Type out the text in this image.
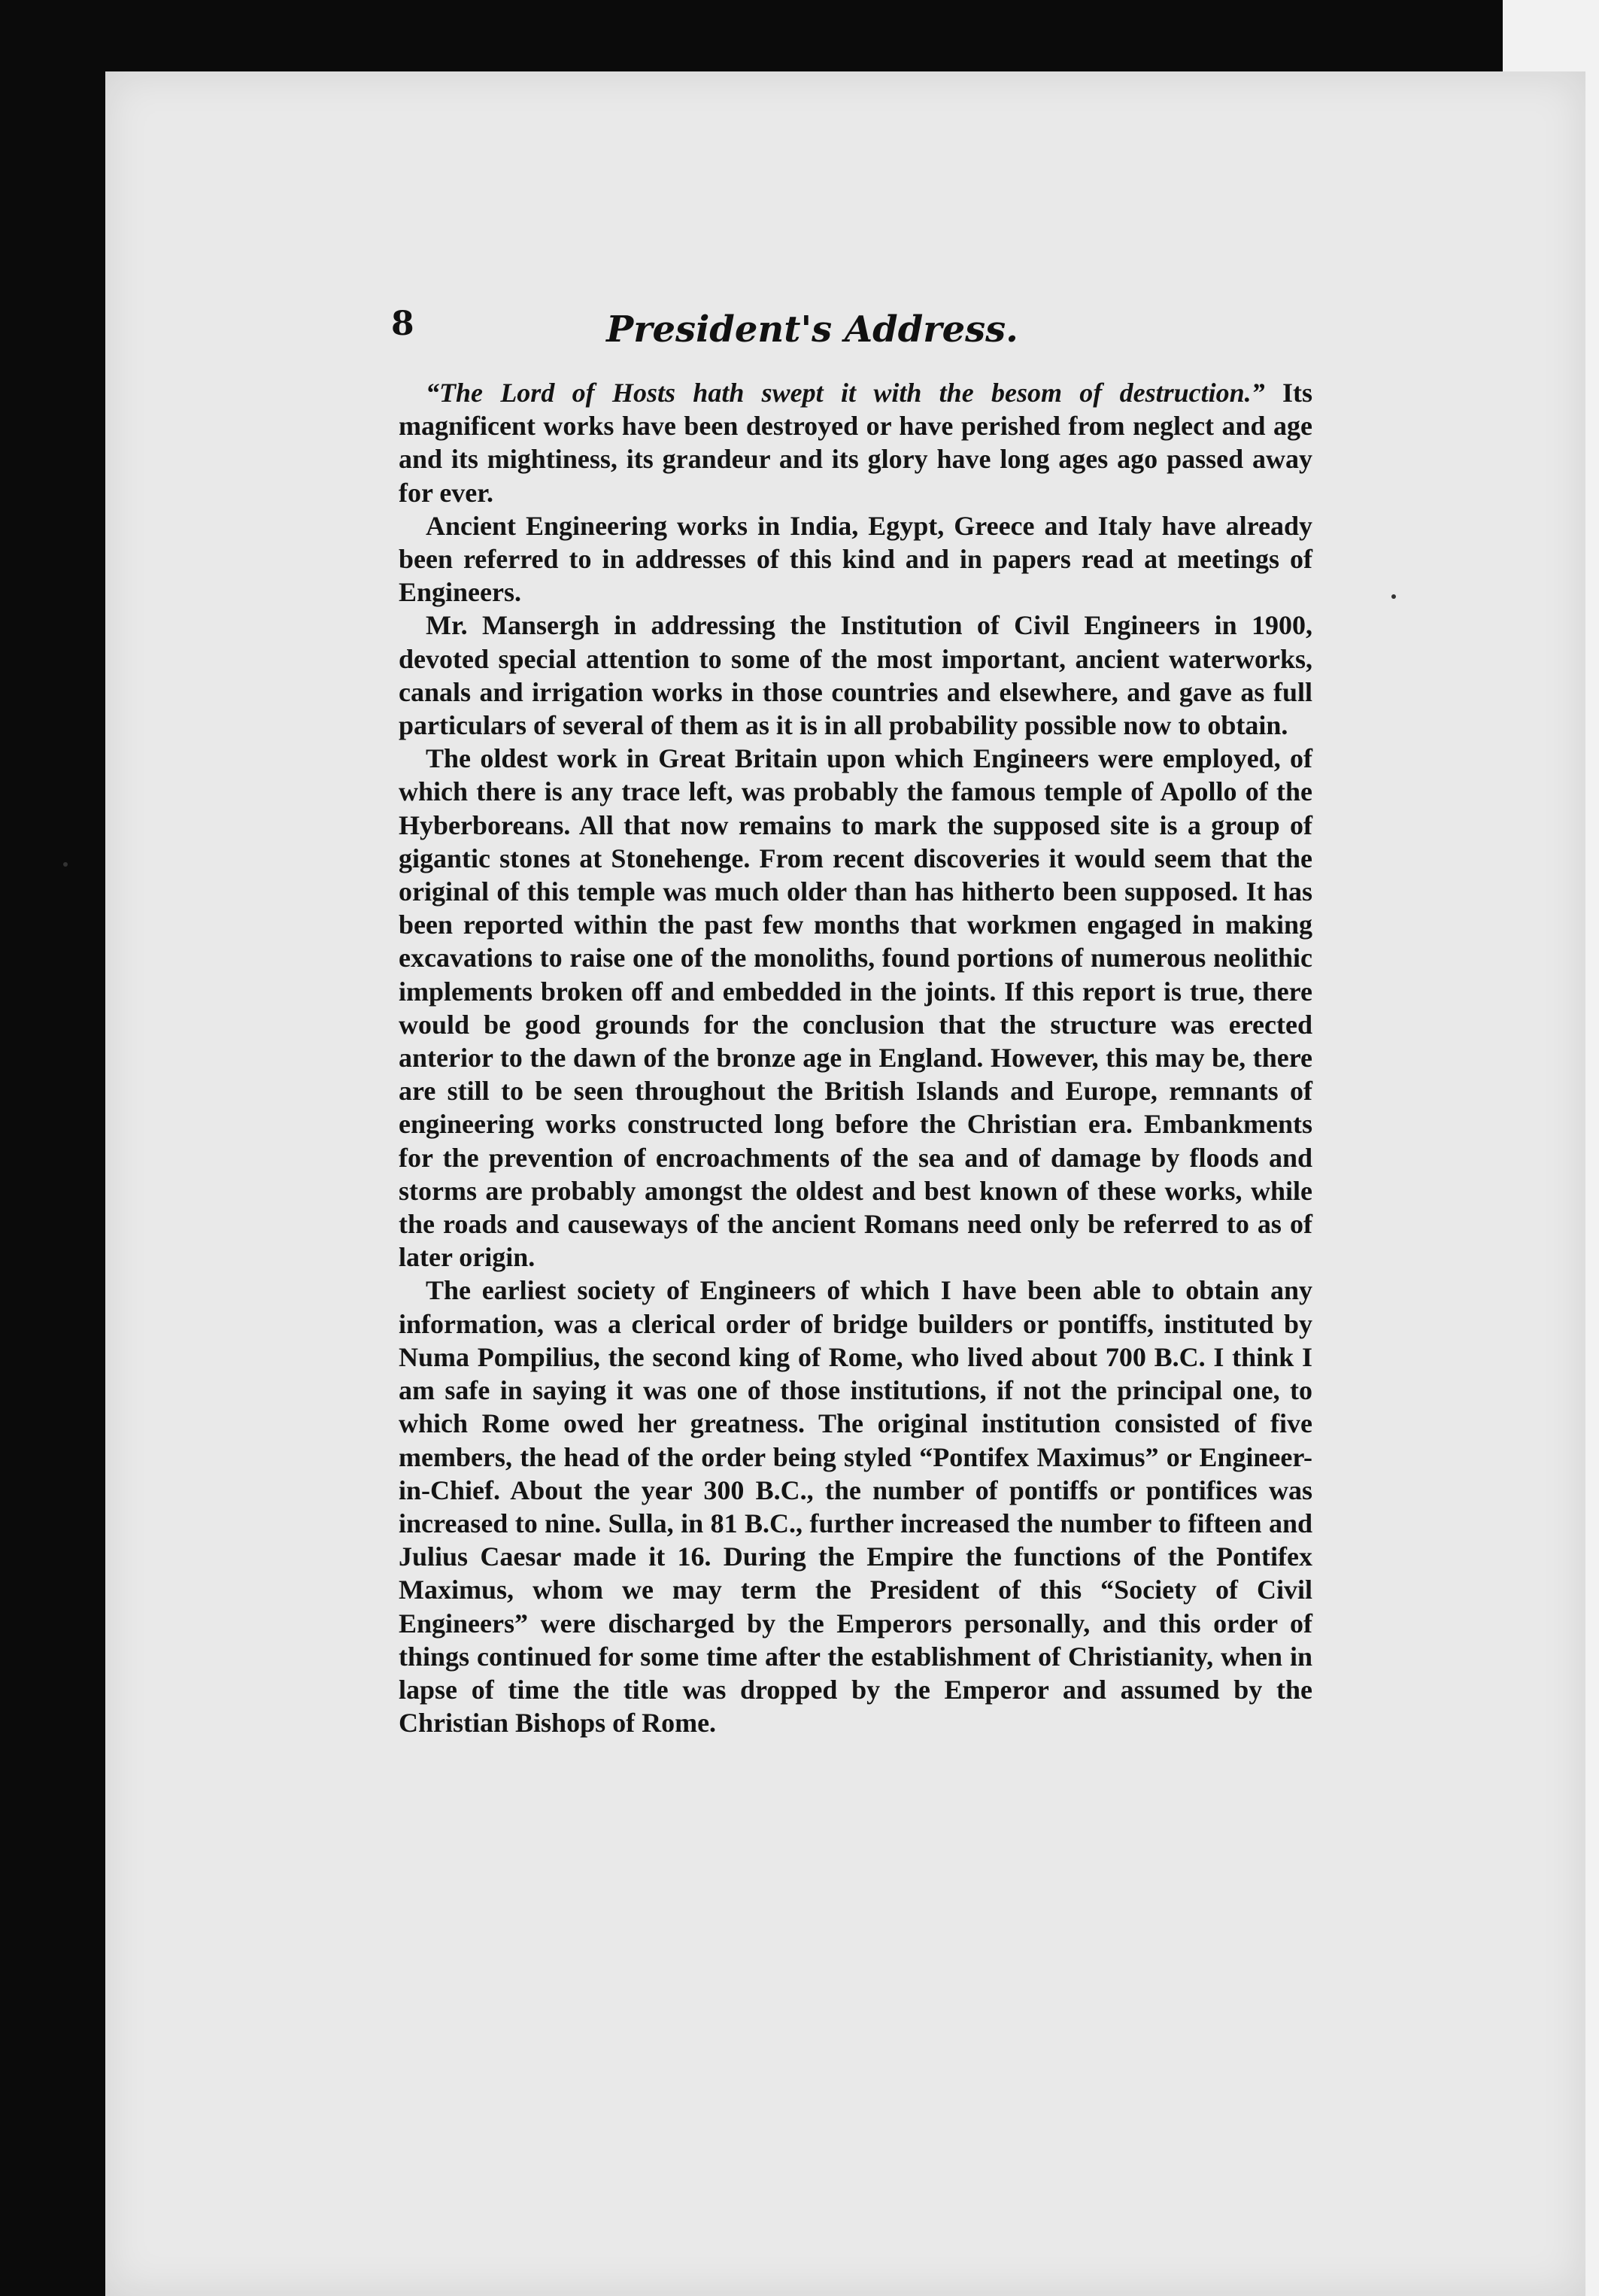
8	President's Address.

“The Lord of Hosts hath swept it with the besom of destruction.” Its magnificent works have been destroyed or have perished from neglect and age and its mightiness, its grandeur and its glory have long ages ago passed away for ever.

Ancient Engineering works in India, Egypt, Greece and Italy have already been referred to in addresses of this kind and in papers read at meetings of Engineers.

Mr. Mansergh in addressing the Institution of Civil Engineers in 1900, devoted special attention to some of the most important, ancient waterworks, canals and irrigation works in those countries and elsewhere, and gave as full particulars of several of them as it is in all probability possible now to obtain.

The oldest work in Great Britain upon which Engineers were employed, of which there is any trace left, was probably the famous temple of Apollo of the Hyberboreans. All that now remains to mark the supposed site is a group of gigantic stones at Stonehenge. From recent discoveries it would seem that the original of this temple was much older than has hitherto been supposed. It has been reported within the past few months that workmen engaged in making excavations to raise one of the monoliths, found portions of numerous neolithic implements broken off and embedded in the joints. If this report is true, there would be good grounds for the conclusion that the structure was erected anterior to the dawn of the bronze age in England. However, this may be, there are still to be seen throughout the British Islands and Europe, remnants of engineering works constructed long before the Christian era. Embankments for the prevention of encroachments of the sea and of damage by floods and storms are probably amongst the oldest and best known of these works, while the roads and causeways of the ancient Romans need only be referred to as of later origin.

The earliest society of Engineers of which I have been able to obtain any information, was a clerical order of bridge builders or pontiffs, instituted by Numa Pompilius, the second king of Rome, who lived about 700 B.C. I think I am safe in saying it was one of those institutions, if not the principal one, to which Rome owed her greatness. The original institution consisted of five members, the head of the order being styled “Pontifex Maximus” or Engineer-in-Chief. About the year 300 B.C., the number of pontiffs or pontifices was increased to nine. Sulla, in 81 B.C., further increased the number to fifteen and Julius Caesar made it 16. During the Empire the functions of the Pontifex Maximus, whom we may term the President of this “Society of Civil Engineers” were discharged by the Emperors personally, and this order of things continued for some time after the establishment of Christianity, when in lapse of time the title was dropped by the Emperor and assumed by the Christian Bishops of Rome.
